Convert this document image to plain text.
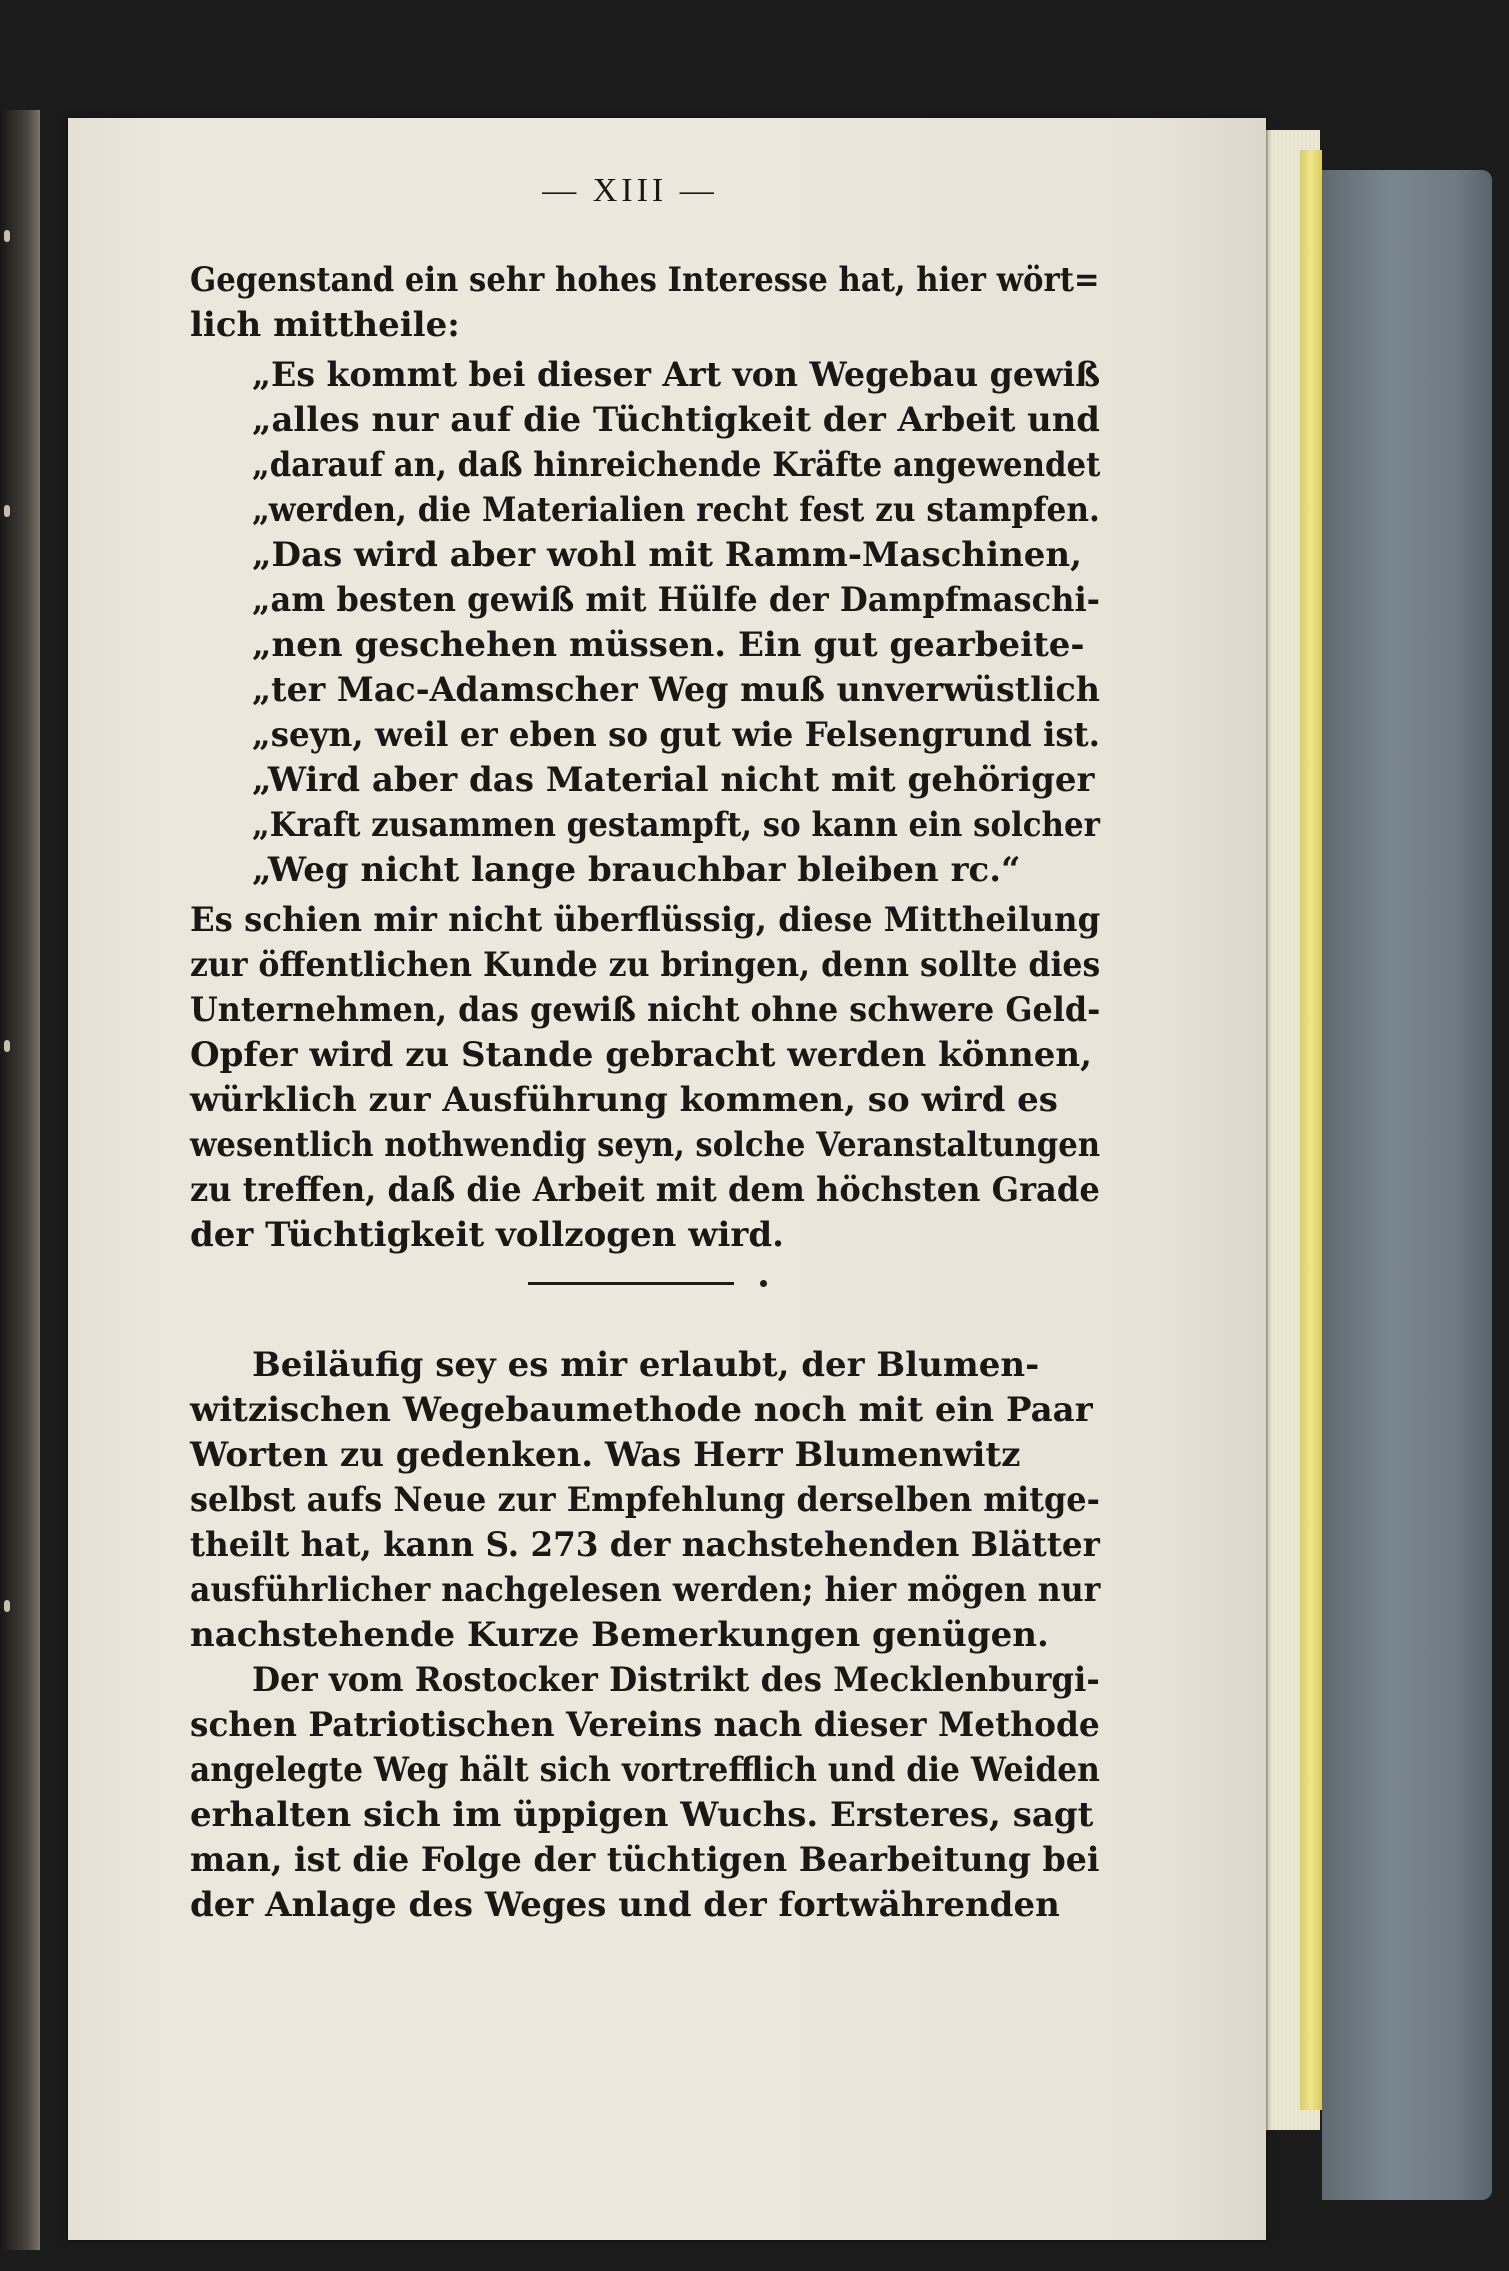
— XIII —
Gegenstand ein sehr hohes Interesse hat, hier wört=
lich mittheile:
„Es kommt bei dieser Art von Wegebau gewiß
„alles nur auf die Tüchtigkeit der Arbeit und
„darauf an, daß hinreichende Kräfte angewendet
„werden, die Materialien recht fest zu stampfen.
„Das wird aber wohl mit Ramm-Maschinen,
„am besten gewiß mit Hülfe der Dampfmaschi-
„nen geschehen müssen. Ein gut gearbeite-
„ter Mac-Adamscher Weg muß unverwüstlich
„seyn, weil er eben so gut wie Felsengrund ist.
„Wird aber das Material nicht mit gehöriger
„Kraft zusammen gestampft, so kann ein solcher
„Weg nicht lange brauchbar bleiben rc.“
Es schien mir nicht überflüssig, diese Mittheilung
zur öffentlichen Kunde zu bringen, denn sollte dies
Unternehmen, das gewiß nicht ohne schwere Geld-
Opfer wird zu Stande gebracht werden können,
würklich zur Ausführung kommen, so wird es
wesentlich nothwendig seyn, solche Veranstaltungen
zu treffen, daß die Arbeit mit dem höchsten Grade
der Tüchtigkeit vollzogen wird.
Beiläufig sey es mir erlaubt, der Blumen-
witzischen Wegebaumethode noch mit ein Paar
Worten zu gedenken. Was Herr Blumenwitz
selbst aufs Neue zur Empfehlung derselben mitge-
theilt hat, kann S. 273 der nachstehenden Blätter
ausführlicher nachgelesen werden; hier mögen nur
nachstehende Kurze Bemerkungen genügen.
Der vom Rostocker Distrikt des Mecklenburgi-
schen Patriotischen Vereins nach dieser Methode
angelegte Weg hält sich vortrefflich und die Weiden
erhalten sich im üppigen Wuchs. Ersteres, sagt
man, ist die Folge der tüchtigen Bearbeitung bei
der Anlage des Weges und der fortwährenden
